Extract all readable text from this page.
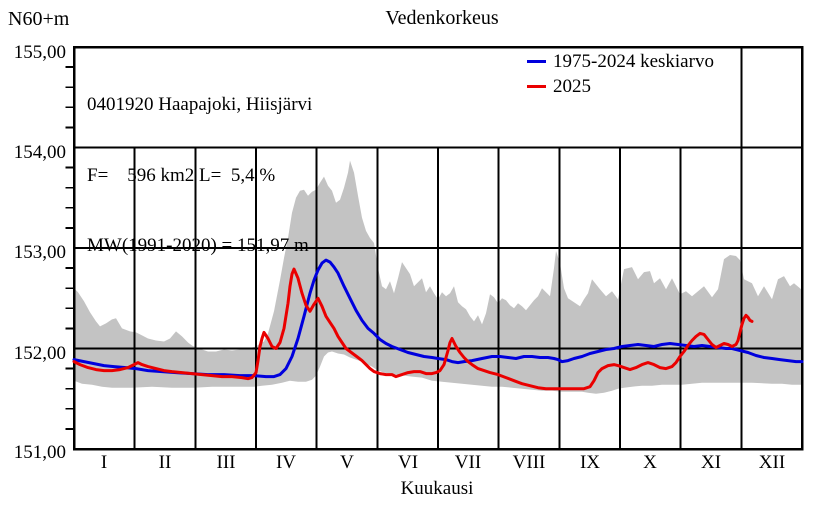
N60+m	Vedenkorkeus
155,00
154,00
153,00
152,00
151,00

0401920 Haapajoki, Hiisjärvi

F=    596 km2 L=  5,4 %

MW(1991-2020) = 151,97 m

1975-2024 keskiarvo
2025
I	II	III	IV	V	VI	VII	VIII	IX	X	XI	XII
Kuukausi
